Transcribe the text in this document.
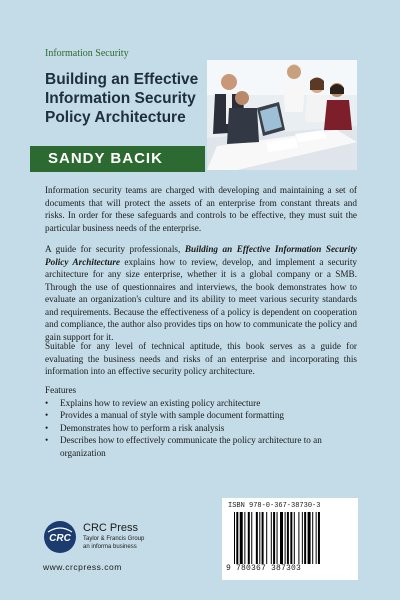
Information Security
Building an Effective
Information Security
Policy Architecture
SANDY BACIK
Information security teams are charged with developing and maintaining a set of documents that will protect the assets of an enterprise from constant threats and risks. In order for these safeguards and controls to be effective, they must suit the particular business needs of the enterprise.
A guide for security professionals, Building an Effective Information Security Policy Architecture explains how to review, develop, and implement a security architecture for any size enterprise, whether it is a global company or a SMB. Through the use of questionnaires and interviews, the book demonstrates how to evaluate an organization's culture and its ability to meet various security standards and requirements. Because the effectiveness of a policy is dependent on cooperation and compliance, the author also provides tips on how to communicate the policy and gain support for it.
Suitable for any level of technical aptitude, this book serves as a guide for evaluating the business needs and risks of an enterprise and incorporating this information into an effective security policy architecture.
Features
• Explains how to review an existing policy architecture
• Provides a manual of style with sample document formatting
• Demonstrates how to perform a risk analysis
• Describes how to effectively communicate the policy architecture to an organization
CRC
CRC Press
Taylor & Francis Group
an informa business
www.crcpress.com
ISBN 978-0-367-38730-3
9 780367 387303
